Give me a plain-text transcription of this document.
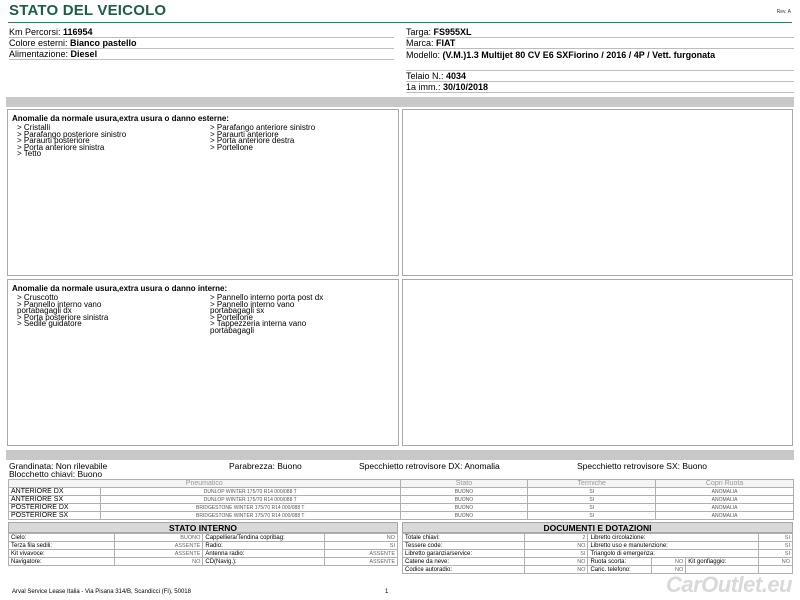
STATO DEL VEICOLO	Rev. A
Km Percorsi: 116954
Colore esterni: Bianco pastello
Alimentazione: Diesel
Targa: FS955XL
Marca: FIAT
Modello: (V.M.)1.3 Multijet 80 CV E6 SXFiorino / 2016 / 4P / Vett. furgonata
Telaio N.: 4034
1a imm.: 30/10/2018
Anomalie da normale usura,extra usura o danno esterne:
> Cristalli
> Parafango posteriore sinistro
> Paraurti posteriore
> Porta anteriore sinistra
> Tetto
> Parafango anteriore sinistro
> Paraurti anteriore
> Porta anteriore destra
> Portellone
Anomalie da normale usura,extra usura o danno interne:
> Cruscotto
> Pannello interno vano
portabagagli dx
> Porta posteriore sinistra
> Sedile guidatore
> Pannello interno porta post dx
> Pannello interno vano
portabagagli sx
> Portellone
> Tappezzeria interna vano
portabagagli
Grandinata: Non rilevabile
Blocchetto chiavi: Buono
Parabrezza: Buono	Specchietto retrovisore DX: Anomalia	Specchietto retrovisore SX: Buono
Pneumatico		Stato	Termiche	Copri Ruota
ANTERIORE DX	DUNLOP WINTER 175/70 R14 000/088 T	BUONO	SI	ANOMALIA
ANTERIORE SX	DUNLOP WINTER 175/70 R14 000/088 T	BUONO	SI	ANOMALIA
POSTERIORE DX	BRIDGESTONE WINTER 175/70 R14 000/088 T	BUONO	SI	ANOMALIA
POSTERIORE SX	BRIDGESTONE WINTER 175/70 R14 000/088 T	BUONO	SI	ANOMALIA
STATO INTERNO
Cielo:	BUONO	Cappelliera/Tendina copribag:	NO
Terza fila sedili:	ASSENTE	Radio:	SI
Kit vivavoce:	ASSENTE	Antenna radio:	ASSENTE
Navigatore:	NO	CD(Navig.):	ASSENTE
DOCUMENTI E DOTAZIONI
Totale chiavi:	2	Libretto circolazione:			SI
Tessere code:	NO	Libretto uso e manutenzione:			SI
Libretto garanzia/service:	SI	Triangolo di emergenza:			SI
Catene da neve:	NO	Ruota scorta:	NO	Kit gonfiaggio:	NO
Codice autoradio:	NO	Caric. telefono:	NO		
Arval Service Lease Italia - Via Pisana 314/B, Scandicci (FI), 50018	1	CarOutlet.eu
